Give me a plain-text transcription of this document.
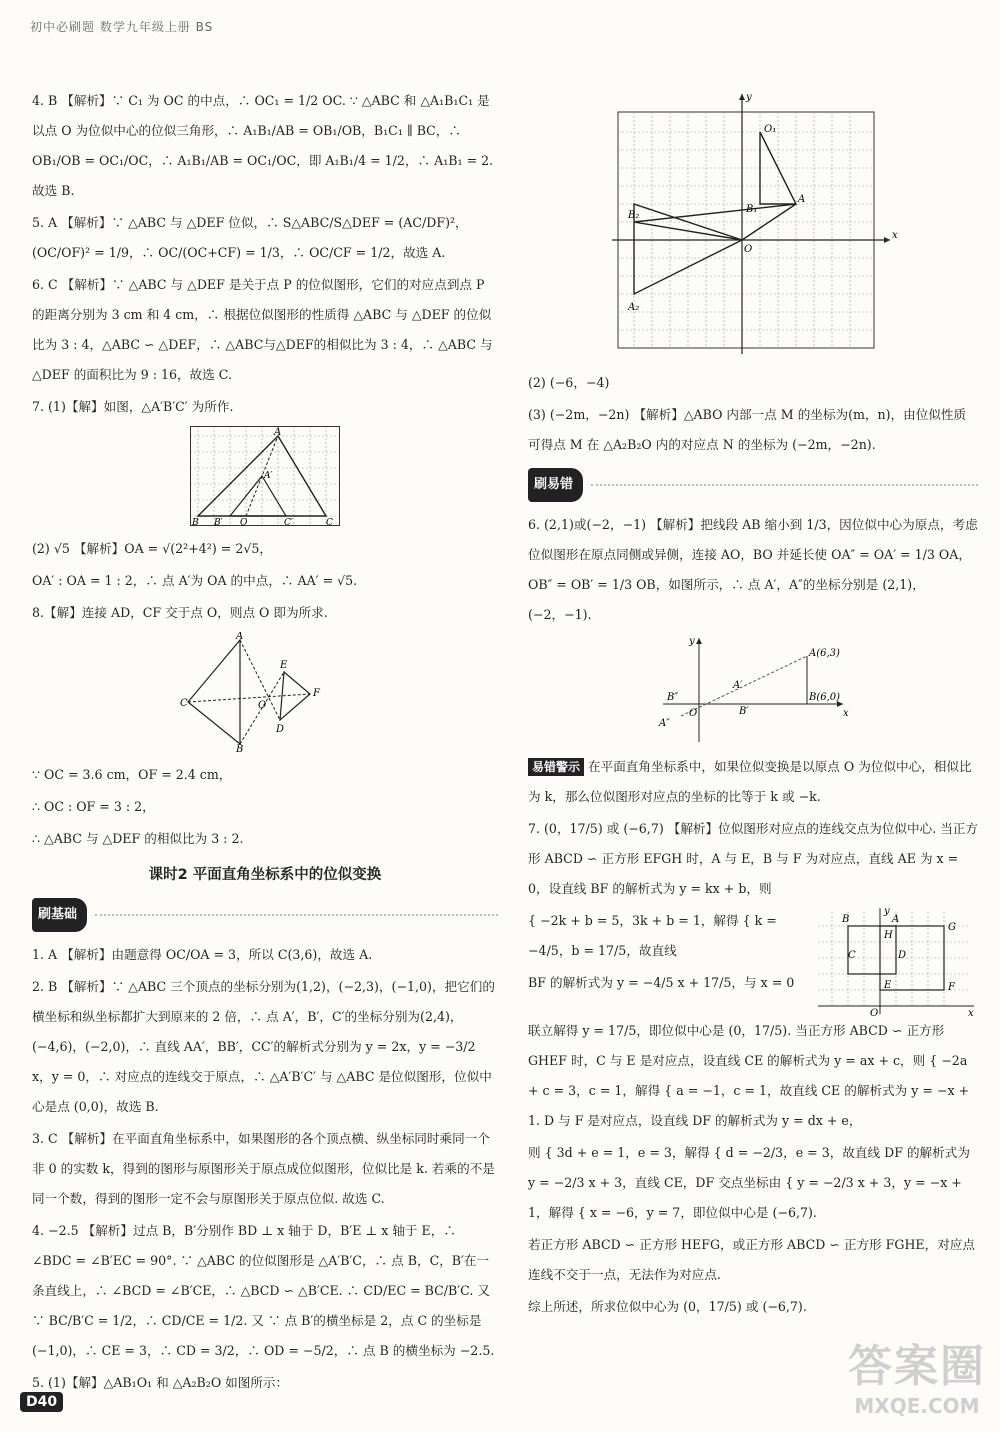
初中必刷题 数学九年级上册 BS
4. B 【解析】∵ C₁ 为 OC 的中点，∴ OC₁ = 1/2 OC. ∵ △ABC 和 △A₁B₁C₁ 是以点 O 为位似中心的位似三角形，∴ A₁B₁/AB = OB₁/OB，B₁C₁ ∥ BC，∴ OB₁/OB = OC₁/OC，∴ A₁B₁/AB = OC₁/OC，即 A₁B₁/4 = 1/2，∴ A₁B₁ = 2. 故选 B.
5. A 【解析】∵ △ABC 与 △DEF 位似，∴ S△ABC/S△DEF = (AC/DF)²，(OC/OF)² = 1/9，∴ OC/(OC+CF) = 1/3，∴ OC/CF = 1/2，故选 A.
6. C 【解析】∵ △ABC 与 △DEF 是关于点 P 的位似图形，它们的对应点到点 P 的距离分别为 3 cm 和 4 cm，∴ 根据位似图形的性质得 △ABC 与 △DEF 的位似比为 3 : 4，△ABC ∽ △DEF，∴ △ABC与△DEF的相似比为 3 : 4，∴ △ABC 与 △DEF 的面积比为 9 : 16，故选 C.
7. (1)【解】如图，△A′B′C′ 为所作.
A
A′
B B′ O	C′	C
(2) √5 【解析】OA = √(2²+4²) = 2√5，
OA′ : OA = 1 : 2，∴ 点 A′为 OA 的中点，∴ AA′ = √5.
8.【解】连接 AD，CF 交于点 O，则点 O 即为所求.
A
B
C	O
D
E
F
∵ OC = 3.6 cm，OF = 2.4 cm，
∴ OC : OF = 3 : 2，
∴ △ABC 与 △DEF 的相似比为 3 : 2.
课时2 平面直角坐标系中的位似变换
刷基础
1. A 【解析】由题意得 OC/OA = 3，所以 C(3,6)，故选 A.
2. B 【解析】∵ △ABC 三个顶点的坐标分别为(1,2)，(−2,3)，(−1,0)，把它们的横坐标和纵坐标都扩大到原来的 2 倍，∴ 点 A′，B′，C′的坐标分别为(2,4)，(−4,6)，(−2,0)，∴ 直线 AA′，BB′，CC′的解析式分别为 y = 2x，y = −3/2 x，y = 0，∴ 对应点的连线交于原点，∴ △A′B′C′ 与 △ABC 是位似图形，位似中心是点 (0,0)，故选 B.
3. C 【解析】在平面直角坐标系中，如果图形的各个顶点横、纵坐标同时乘同一个非 0 的实数 k，得到的图形与原图形关于原点成位似图形，位似比是 k. 若乘的不是同一个数，得到的图形一定不会与原图形关于原点位似. 故选 C.
4. −2.5 【解析】过点 B，B′分别作 BD ⊥ x 轴于 D，B′E ⊥ x 轴于 E，∴ ∠BDC = ∠B′EC = 90°. ∵ △ABC 的位似图形是 △A′B′C，∴ 点 B，C，B′在一条直线上，∴ ∠BCD = ∠B′CE，∴ △BCD ∽ △B′CE. ∴ CD/EC = BC/B′C. 又 ∵ BC/B′C = 1/2，∴ CD/CE = 1/2. 又 ∵ 点 B′的横坐标是 2，点 C 的坐标是 (−1,0)，∴ CE = 3，∴ CD = 3/2，∴ OD = −5/2，∴ 点 B 的横坐标为 −2.5.
5. (1)【解】△AB₁O₁ 和 △A₂B₂O 如图所示：
x
y
O
O₁
A
B₁
B₂
A₂
(2) (−6，−4)
(3) (−2m，−2n) 【解析】△ABO 内部一点 M 的坐标为(m，n)，由位似性质可得点 M 在 △A₂B₂O 内的对应点 N 的坐标为 (−2m，−2n).
刷易错
6. (2,1)或(−2，−1) 【解析】把线段 AB 缩小到 1/3，因位似中心为原点，考虑位似图形在原点同侧或异侧，连接 AO，BO 并延长使 OA″ = OA′ = 1/3 OA，OB″ = OB′ = 1/3 OB，如图所示，∴ 点 A′，A″的坐标分别是 (2,1)，(−2，−1).
A(6,3)
B(6,0)
A′
A″
B′
B″
x
y
O
易错警示 在平面直角坐标系中，如果位似变换是以原点 O 为位似中心，相似比为 k，那么位似图形对应点的坐标的比等于 k 或 −k.
7. (0，17/5) 或 (−6,7) 【解析】位似图形对应点的连线交点为位似中心. 当正方形 ABCD ∽ 正方形 EFGH 时，A 与 E，B 与 F 为对应点，直线 AE 为 x = 0，设直线 BF 的解析式为 y = kx + b，则
B	A
C	D
H
G
E	F
O	x
y
{ −2k + b = 5，3k + b = 1，解得 { k = −4/5，b = 17/5，故直线
BF 的解析式为 y = −4/5 x + 17/5，与 x = 0
联立解得 y = 17/5，即位似中心是 (0，17/5). 当正方形 ABCD ∽ 正方形 GHEF 时，C 与 E 是对应点，设直线 CE 的解析式为 y = ax + c，则 { −2a + c = 3，c = 1，解得 { a = −1，c = 1，故直线 CE 的解析式为 y = −x + 1. D 与 F 是对应点，设直线 DF 的解析式为 y = dx + e，
则 { 3d + e = 1，e = 3，解得 { d = −2/3，e = 3，故直线 DF 的解析式为 y = −2/3 x + 3，直线 CE，DF 交点坐标由 { y = −2/3 x + 3，y = −x + 1，解得 { x = −6，y = 7，即位似中心是 (−6,7).
若正方形 ABCD ∽ 正方形 HEFG，或正方形 ABCD ∽ 正方形 FGHE，对应点连线不交于一点，无法作为对应点.
综上所述，所求位似中心为 (0，17/5) 或 (−6,7).
D40
答案圈
MXQE.COM
